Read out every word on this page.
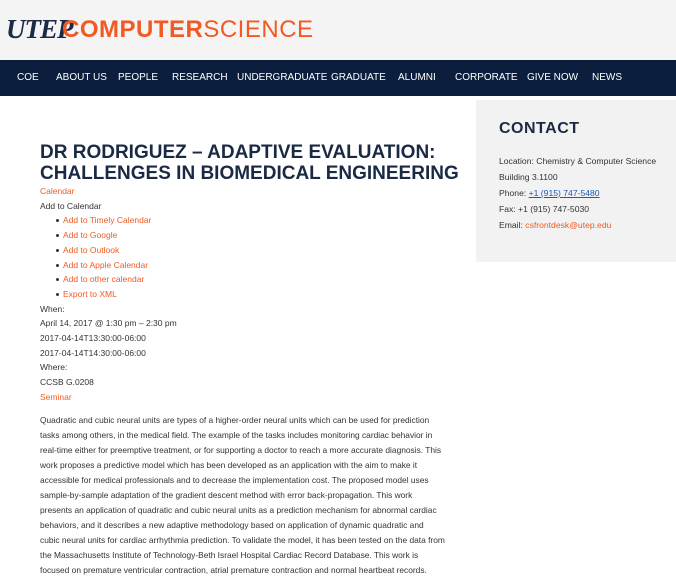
UTEP
COMPUTERSCIENCE
COE ABOUT US PEOPLE RESEARCH UNDERGRADUATE GRADUATE ALUMNI CORPORATE GIVE NOW NEWS
DR RODRIGUEZ – ADAPTIVE EVALUATION: CHALLENGES IN BIOMEDICAL ENGINEERING
Calendar
Add to Calendar
Add to Timely Calendar
Add to Google
Add to Outlook
Add to Apple Calendar
Add to other calendar
Export to XML
When:
April 14, 2017 @ 1:30 pm – 2:30 pm
2017-04-14T13:30:00-06:00
2017-04-14T14:30:00-06:00
Where:
CCSB G.0208
Seminar

Quadratic and cubic neural units are types of a higher-order neural units which can be used for prediction tasks among others, in the medical field. The example of the tasks includes monitoring cardiac behavior in real-time either for preemptive treatment, or for supporting a doctor to reach a more accurate diagnosis. This work proposes a predictive model which has been developed as an application with the aim to make it accessible for medical professionals and to decrease the implementation cost. The proposed model uses sample-by-sample adaptation of the gradient descent method with error back-propagation. This work presents an application of quadratic and cubic neural units as a prediction mechanism for abnormal cardiac behaviors, and it describes a new adaptive methodology based on application of dynamic quadratic and cubic neural units for cardiac arrhythmia prediction. To validate the model, it has been tested on the data from the Massachusetts Institute of Technology-Beth Israel Hospital Cardiac Record Database. This work is focused on premature ventricular contraction, atrial premature contraction and normal heartbeat records.

CONTACT
Location: Chemistry & Computer Science
Building 3.1100
Phone: +1 (915) 747-5480
Fax: +1 (915) 747-5030
Email: csfrontdesk@utep.edu
